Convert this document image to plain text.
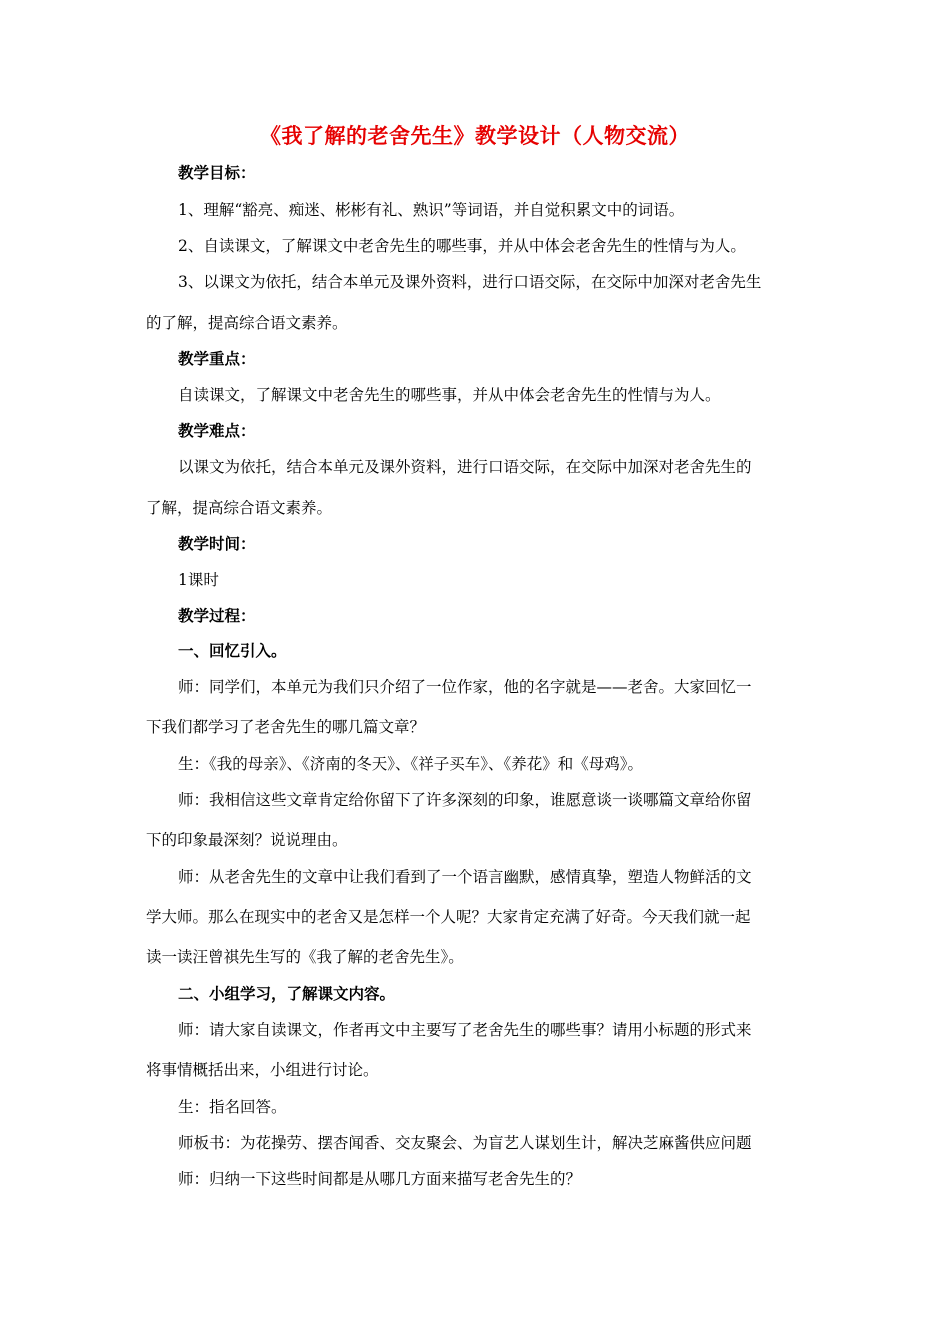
《我了解的老舍先生》教学设计（人物交流）
教学目标：
1、理解“豁亮、痴迷、彬彬有礼、熟识”等词语，并自觉积累文中的词语。
2、自读课文，了解课文中老舍先生的哪些事，并从中体会老舍先生的性情与为人。
3、以课文为依托，结合本单元及课外资料，进行口语交际，在交际中加深对老舍先生
的了解，提高综合语文素养。
教学重点：
自读课文，了解课文中老舍先生的哪些事，并从中体会老舍先生的性情与为人。
教学难点：
以课文为依托，结合本单元及课外资料，进行口语交际，在交际中加深对老舍先生的
了解，提高综合语文素养。
教学时间：
1课时
教学过程：
一、回忆引入。
师：同学们，本单元为我们只介绍了一位作家，他的名字就是——老舍。大家回忆一
下我们都学习了老舍先生的哪几篇文章？
生：《我的母亲》、《济南的冬天》、《祥子买车》、《养花》和《母鸡》。
师：我相信这些文章肯定给你留下了许多深刻的印象，谁愿意谈一谈哪篇文章给你留
下的印象最深刻？说说理由。
师：从老舍先生的文章中让我们看到了一个语言幽默，感情真挚，塑造人物鲜活的文
学大师。那么在现实中的老舍又是怎样一个人呢？大家肯定充满了好奇。今天我们就一起
读一读汪曾祺先生写的《我了解的老舍先生》。
二、小组学习，了解课文内容。
师：请大家自读课文，作者再文中主要写了老舍先生的哪些事？请用小标题的形式来
将事情概括出来，小组进行讨论。
生：指名回答。
师板书：为花操劳、摆杏闻香、交友聚会、为盲艺人谋划生计，解决芝麻酱供应问题
师：归纳一下这些时间都是从哪几方面来描写老舍先生的？
